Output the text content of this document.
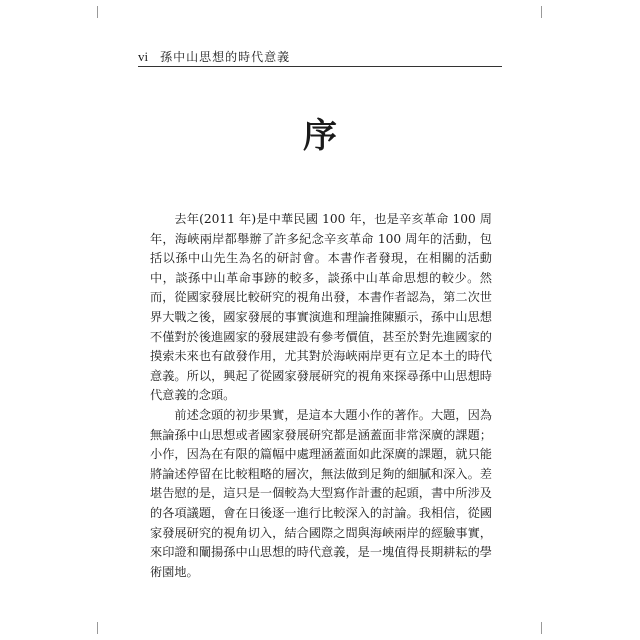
vi 孫中山思想的時代意義
序

去年(2011 年)是中華民國 100 年，也是辛亥革命 100 周年，海峽兩岸都舉辦了許多紀念辛亥革命 100 周年的活動，包括以孫中山先生為名的研討會。本書作者發現，在相關的活動中，談孫中山革命事跡的較多，談孫中山革命思想的較少。然而，從國家發展比較研究的視角出發，本書作者認為，第二次世界大戰之後，國家發展的事實演進和理論推陳顯示，孫中山思想不僅對於後進國家的發展建設有參考價值，甚至於對先進國家的摸索未來也有啟發作用，尤其對於海峽兩岸更有立足本土的時代意義。所以，興起了從國家發展研究的視角來探尋孫中山思想時代意義的念頭。

前述念頭的初步果實，是這本大題小作的著作。大題，因為無論孫中山思想或者國家發展研究都是涵蓋面非常深廣的課題；小作，因為在有限的篇幅中處理涵蓋面如此深廣的課題，就只能將論述停留在比較粗略的層次，無法做到足夠的細膩和深入。差堪告慰的是，這只是一個較為大型寫作計畫的起頭，書中所涉及的各項議題，會在日後逐一進行比較深入的討論。我相信，從國家發展研究的視角切入，結合國際之間與海峽兩岸的經驗事實，來印證和闡揚孫中山思想的時代意義，是一塊值得長期耕耘的學術園地。
